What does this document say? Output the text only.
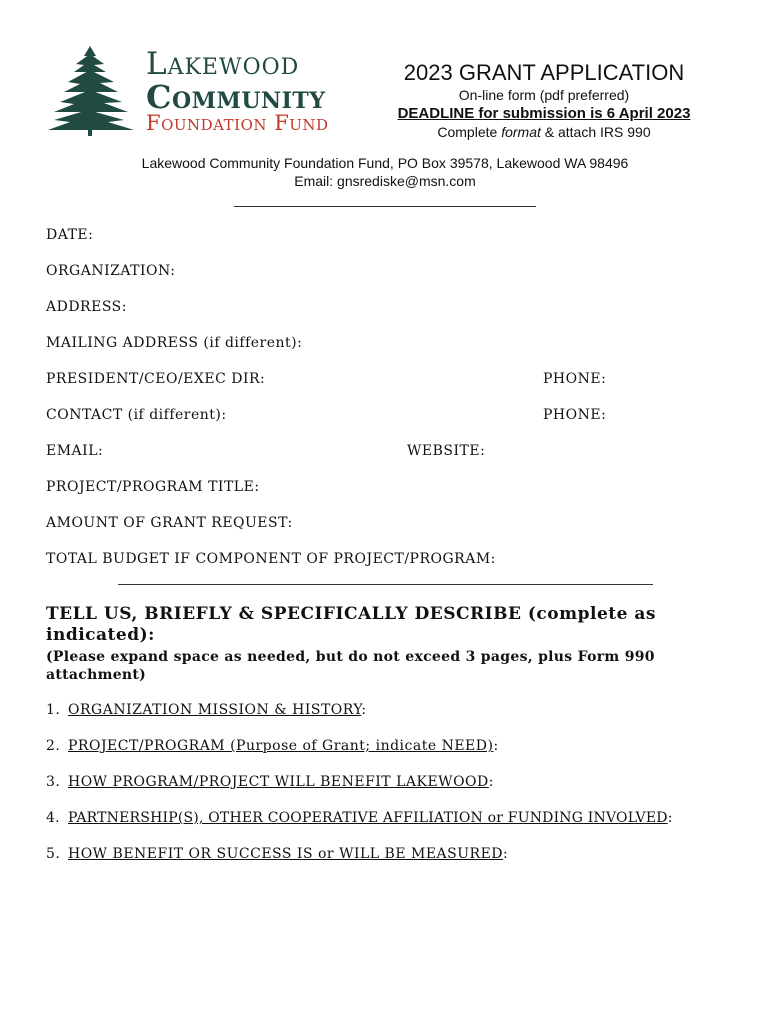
Lakewood
Community
Foundation Fund
2023 GRANT APPLICATION
On-line form (pdf preferred)
DEADLINE for submission is 6 April 2023
Complete format & attach IRS 990
Lakewood Community Foundation Fund, PO Box 39578, Lakewood WA 98496
Email: gnsrediske@msn.com
DATE:
ORGANIZATION:
ADDRESS:
MAILING ADDRESS (if different):
PRESIDENT/CEO/EXEC DIR:	PHONE:
CONTACT (if different):	PHONE:
EMAIL:	WEBSITE:
PROJECT/PROGRAM TITLE:
AMOUNT OF GRANT REQUEST:
TOTAL BUDGET IF COMPONENT OF PROJECT/PROGRAM:
TELL US, BRIEFLY & SPECIFICALLY DESCRIBE (complete as indicated):
(Please expand space as needed, but do not exceed 3 pages, plus Form 990 attachment)
1. ORGANIZATION MISSION & HISTORY:
2. PROJECT/PROGRAM (Purpose of Grant; indicate NEED):
3. HOW PROGRAM/PROJECT WILL BENEFIT LAKEWOOD:
4. PARTNERSHIP(S), OTHER COOPERATIVE AFFILIATION or FUNDING INVOLVED:
5. HOW BENEFIT OR SUCCESS IS or WILL BE MEASURED:
